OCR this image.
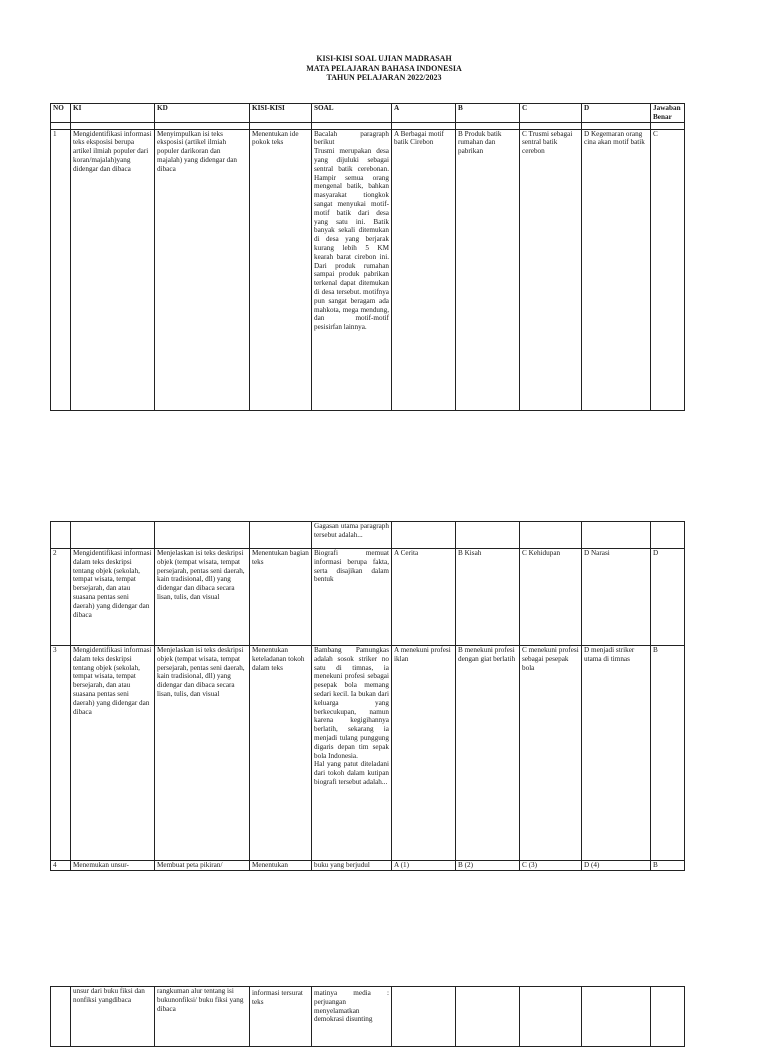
KISI-KISI SOAL UJIAN MADRASAH
MATA PELAJARAN BAHASA INDONESIA
TAHUN PELAJARAN 2022/2023
NO	KI	KD	KISI-KISI	SOAL	A	B	C	D	Jawaban Benar

1	Mengidentifikasi informasi teks eksposisi berupa artikel ilmiah populer dari koran/majalah)yang didengar dan dibaca	Menyimpulkan isi teks eksposisi (artikel ilmiah populer darikoran dan majalah) yang didengar dan dibaca	Menentukan ide pokok teks	Bacalah paragraph berikut
Trusmi merupakan desa yang dijuluki sebagai sentral batik cerebonan. Hampir semua orang mengenal batik, bahkan masyarakat tiongkok sangat menyukai motif-motif batik dari desa yang satu ini. Batik banyak sekali ditemukan di desa yang berjarak kurang lebih 5 KM kearah barat cirebon ini. Dari produk rumahan sampai produk pabrikan terkenal dapat ditemukan di desa tersebut. motifnya pun sangat beragam ada mahkota, mega mendung, dan motif-motif pesisirfan lainnya.	A Berbagai motif batik Cirebon	B Produk batik rumahan dan pabrikan	C Trusmi sebagai sentral batik cerebon	D Kegemaran orang cina akan motif batik	C
				Gagasan utama paragraph tersebut adalah...					
2	Mengidentifikasi informasi dalam teks deskripsi tentang objek (sekolah, tempat wisata, tempat bersejarah, dan atau suasana pentas seni daerah) yang didengar dan dibaca	Menjelaskan isi teks deskripsi objek (tempat wisata, tempat persejarah, pentas seni daerah, kain tradisional, dll) yang didengar dan dibaca secara lisan, tulis, dan visual	Menentukan bagian teks	Biografi memuat informasi berupa fakta, serta disajikan dalam bentuk	A Cerita	B Kisah	C Kehidupan	D Narasi	D
3	Mengidentifikasi informasi dalam teks deskripsi tentang objek (sekolah, tempat wisata, tempat bersejarah, dan atau suasana pentas seni daerah) yang didengar dan dibaca	Menjelaskan isi teks deskripsi objek (tempat wisata, tempat persejarah, pentas seni daerah, kain tradisional, dll) yang didengar dan dibaca secara lisan, tulis, dan visual	Menentukan keteladanan tokoh dalam teks	Bambang Pamungkas adalah sosok striker no satu di timnas, ia menekuni profesi sebagai pesepak bola memang sedari kecil. Ia bukan dari keluarga yang berkecukupan, namun karena kegigihannya berlatih, sekarang ia menjadi tulang punggung digaris depan tim sepak bola Indonesia.
Hal yang patut diteladani dari tokoh dalam kutipan biografi tersebut adalah...	A menekuni profesi iklan	B menekuni profesi dengan giat berlatih	C menekuni profesi sebagai pesepak bola	D menjadi striker utama di timnas	B
4	Menemukan unsur-	Membuat peta pikiran/	Menentukan	buku yang berjudul	A (1)	B (2)	C (3)	D (4)	B
	unsur dari buku fiksi dan nonfiksi yangdibaca	rangkuman alur tentang isi bukunonfiksi/ buku fiksi yang dibaca	informasi tersurat teks	matinya media : perjuangan menyelamatkan demokrasi disunting					
